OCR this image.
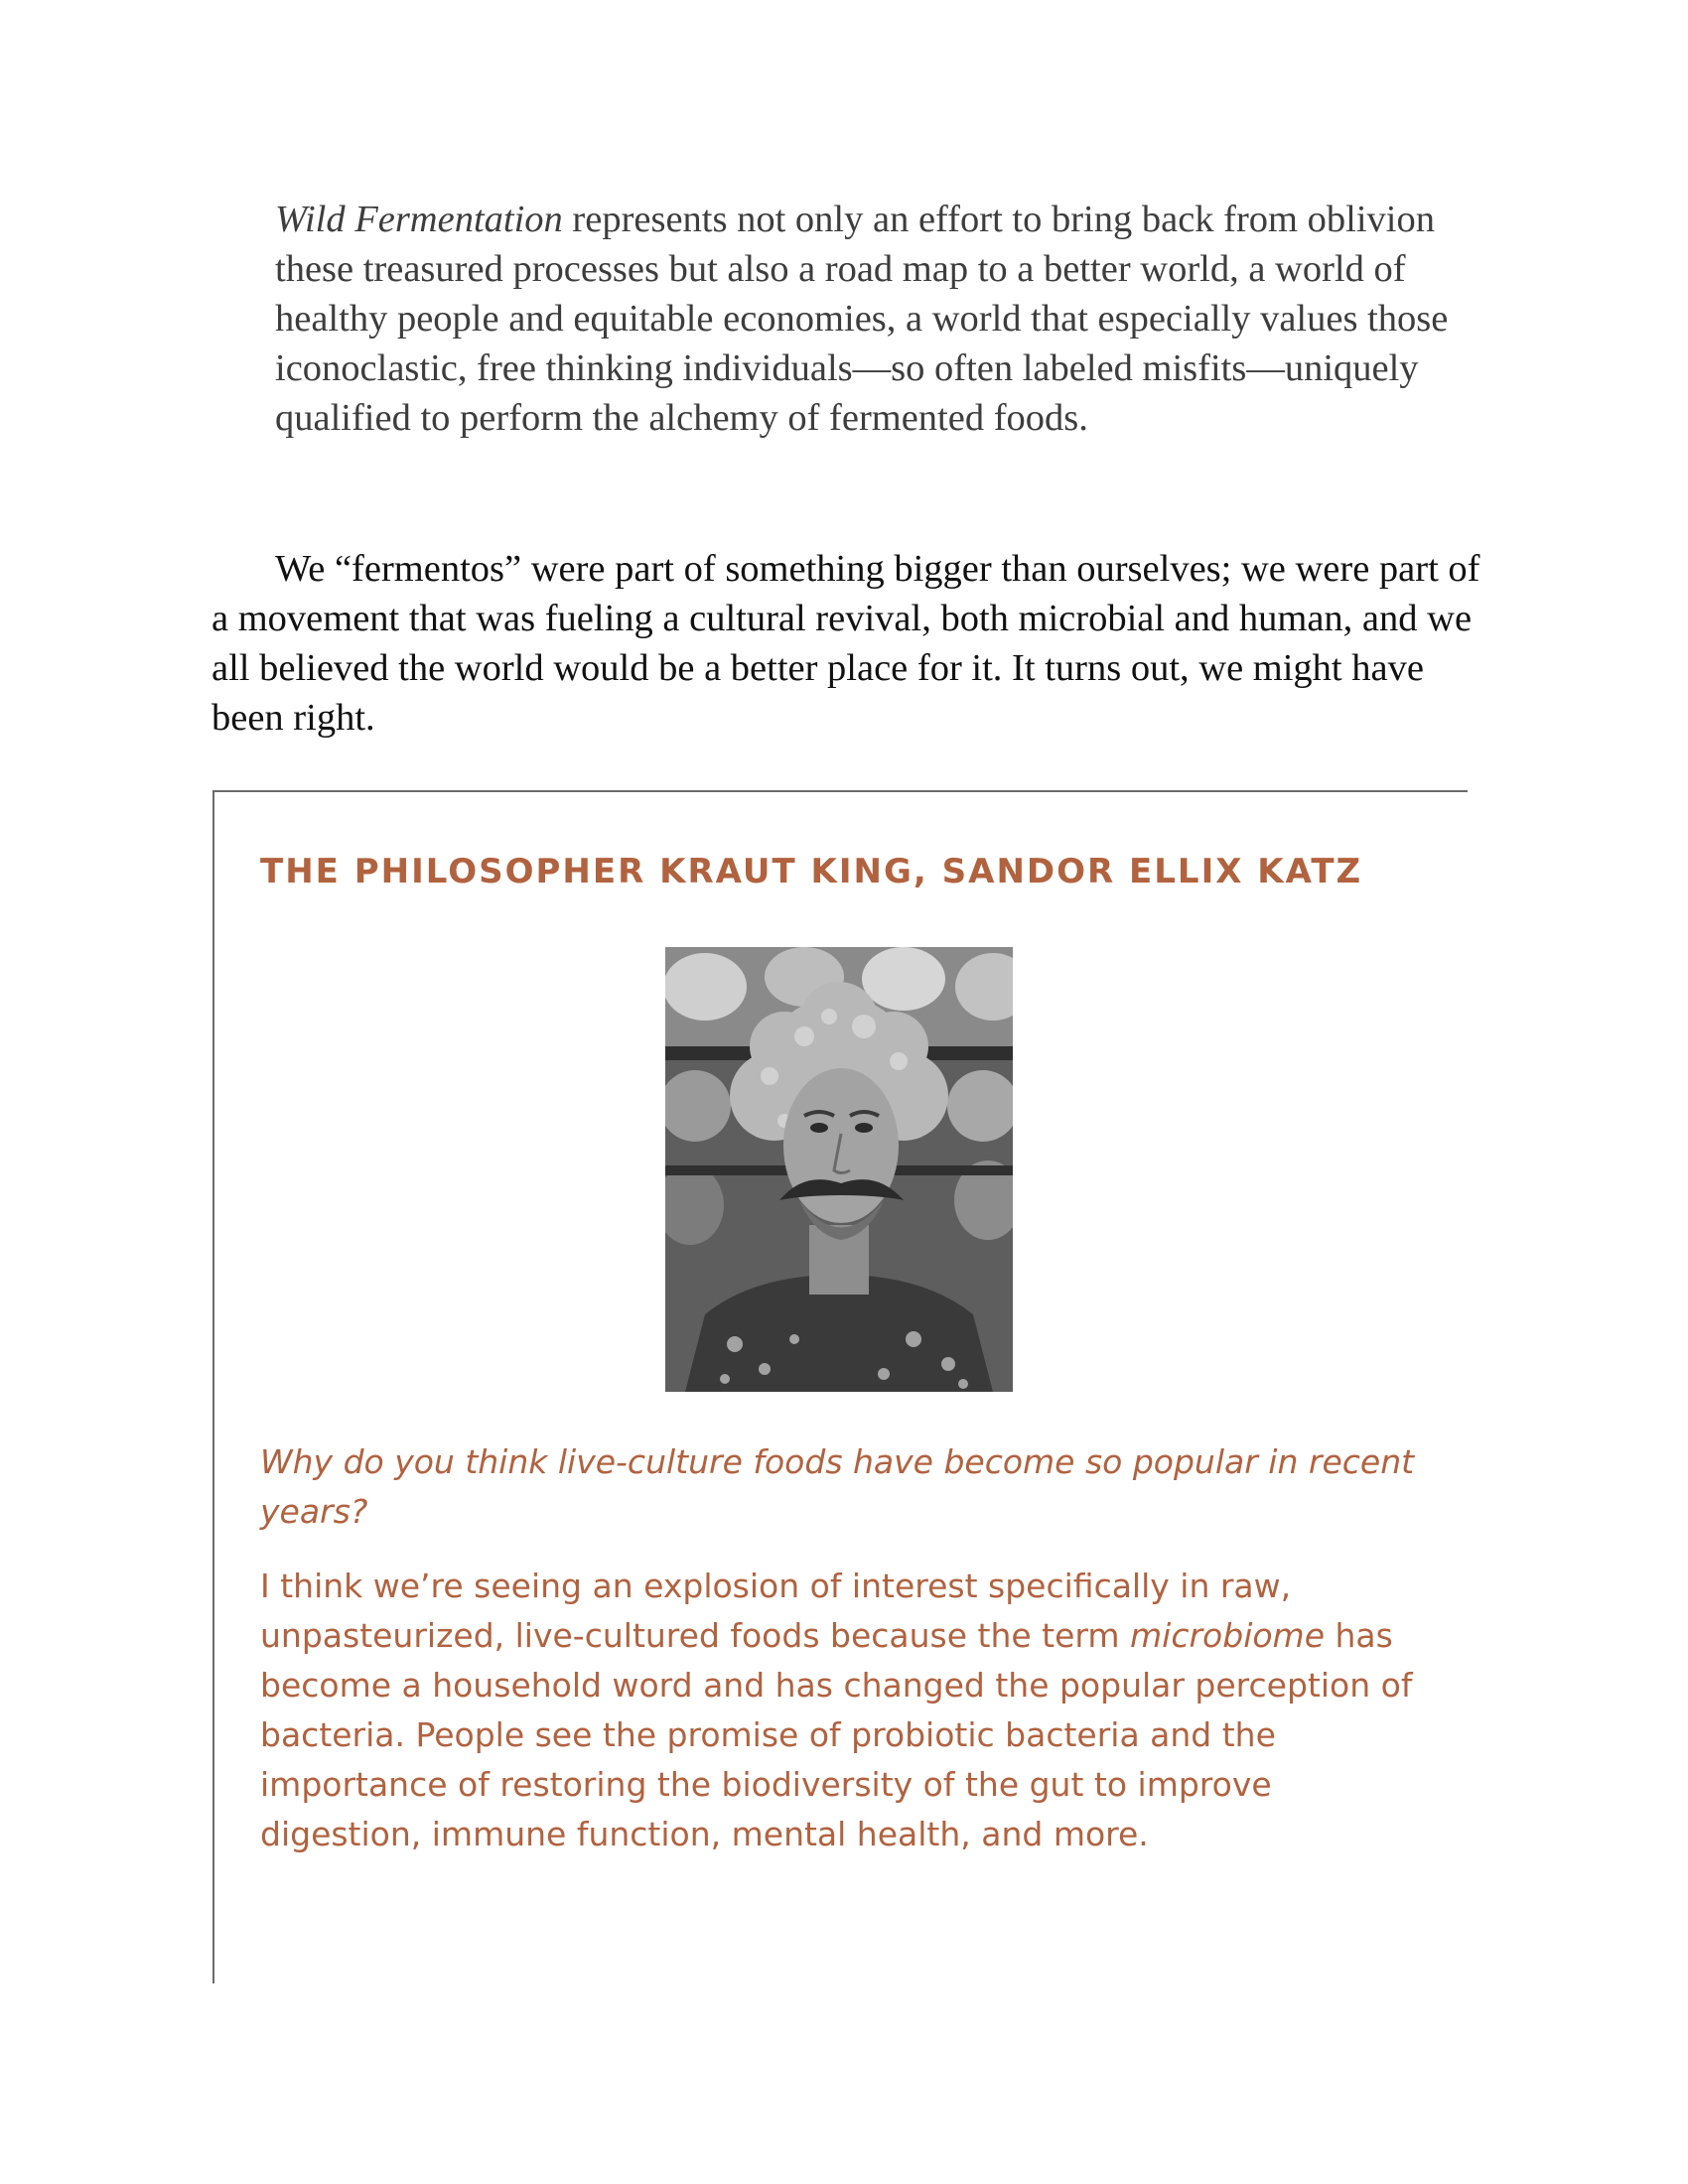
Wild Fermentation represents not only an effort to bring back from oblivion these treasured processes but also a road map to a better world, a world of healthy people and equitable economies, a world that especially values those iconoclastic, free thinking individuals—so often labeled misfits—uniquely qualified to perform the alchemy of fermented foods.

We “fermentos” were part of something bigger than ourselves; we were part of a movement that was fueling a cultural revival, both microbial and human, and we all believed the world would be a better place for it. It turns out, we might have been right.

THE PHILOSOPHER KRAUT KING, SANDOR ELLIX KATZ

Why do you think live-culture foods have become so popular in recent years?

I think we’re seeing an explosion of interest specifically in raw, unpasteurized, live-cultured foods because the term microbiome has become a household word and has changed the popular perception of bacteria. People see the promise of probiotic bacteria and the importance of restoring the biodiversity of the gut to improve digestion, immune function, mental health, and more.
